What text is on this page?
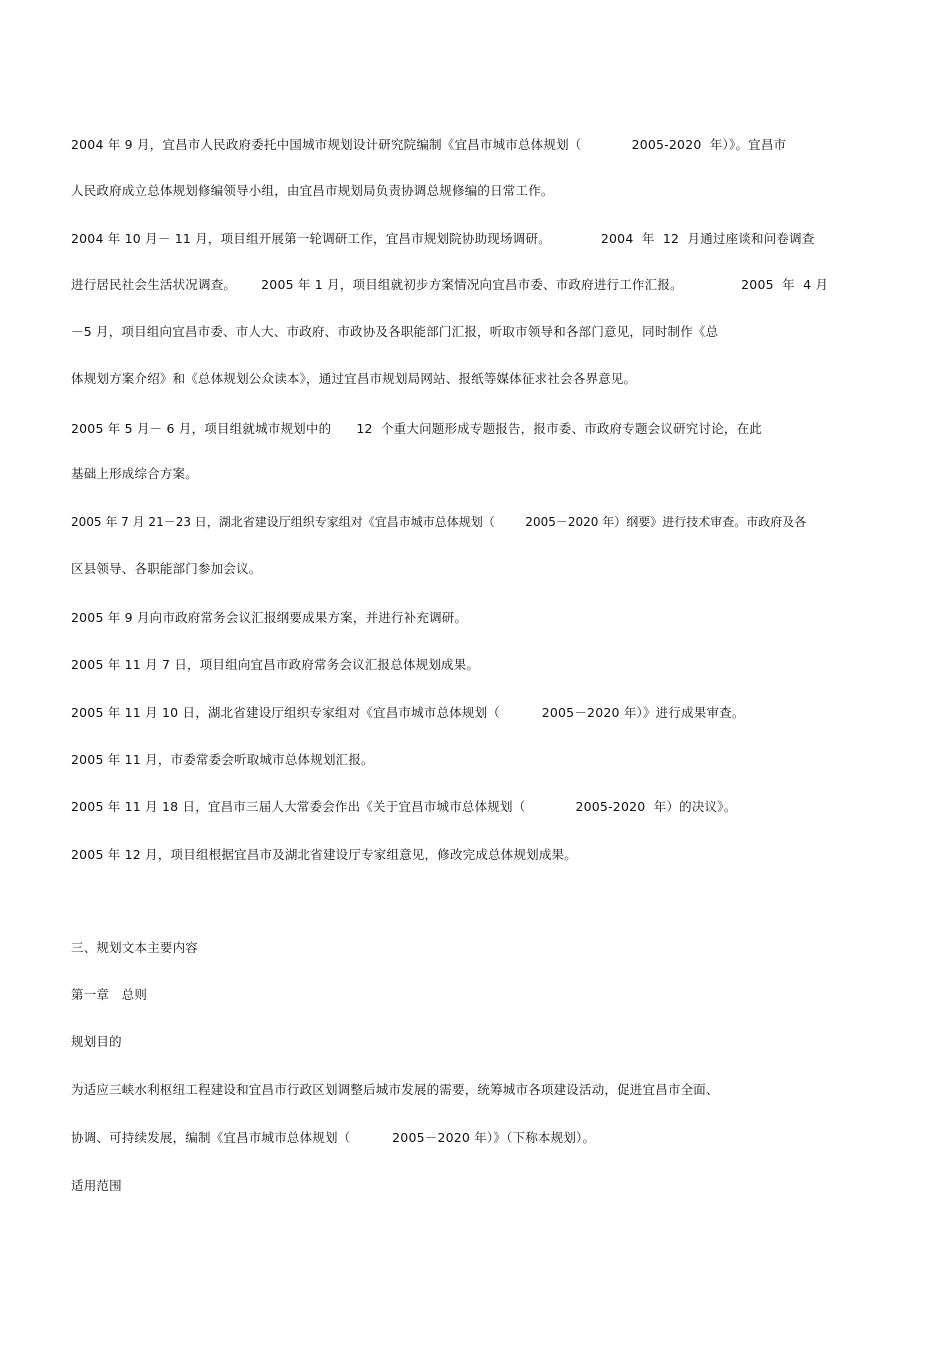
2004 年 9 月，宜昌市人民政府委托中国城市规划设计研究院编制《宜昌市城市总体规划（            2005-2020  年）》。宜昌市
人民政府成立总体规划修编领导小组，由宜昌市规划局负责协调总规修编的日常工作。
2004 年 10 月－ 11 月，项目组开展第一轮调研工作，宜昌市规划院协助现场调研。            2004  年  12  月通过座谈和问卷调查
进行居民社会生活状况调查。      2005 年 1 月，项目组就初步方案情况向宜昌市委、市政府进行工作汇报。              2005  年  4 月
－5 月，项目组向宜昌市委、市人大、市政府、市政协及各职能部门汇报，听取市领导和各部门意见，同时制作《总
体规划方案介绍》和《总体规划公众读本》，通过宜昌市规划局网站、报纸等媒体征求社会各界意见。
2005 年 5 月－ 6 月，项目组就城市规划中的      12  个重大问题形成专题报告，报市委、市政府专题会议研究讨论，在此
基础上形成综合方案。
2005 年 7 月 21－23 日，湖北省建设厅组织专家组对《宜昌市城市总体规划（        2005－2020 年）纲要》进行技术审查。市政府及各
区县领导、各职能部门参加会议。
2005 年 9 月向市政府常务会议汇报纲要成果方案，并进行补充调研。
2005 年 11 月 7 日，项目组向宜昌市政府常务会议汇报总体规划成果。
2005 年 11 月 10 日，湖北省建设厅组织专家组对《宜昌市城市总体规划（          2005－2020 年）》进行成果审查。
2005 年 11 月，市委常委会听取城市总体规划汇报。
2005 年 11 月 18 日，宜昌市三届人大常委会作出《关于宜昌市城市总体规划（            2005-2020  年）的决议》。
2005 年 12 月，项目组根据宜昌市及湖北省建设厅专家组意见，修改完成总体规划成果。
三、规划文本主要内容
第一章   总则
规划目的
为适应三峡水利枢纽工程建设和宜昌市行政区划调整后城市发展的需要，统筹城市各项建设活动，促进宜昌市全面、
协调、可持续发展，编制《宜昌市城市总体规划（          2005－2020 年）》（下称本规划）。
适用范围
